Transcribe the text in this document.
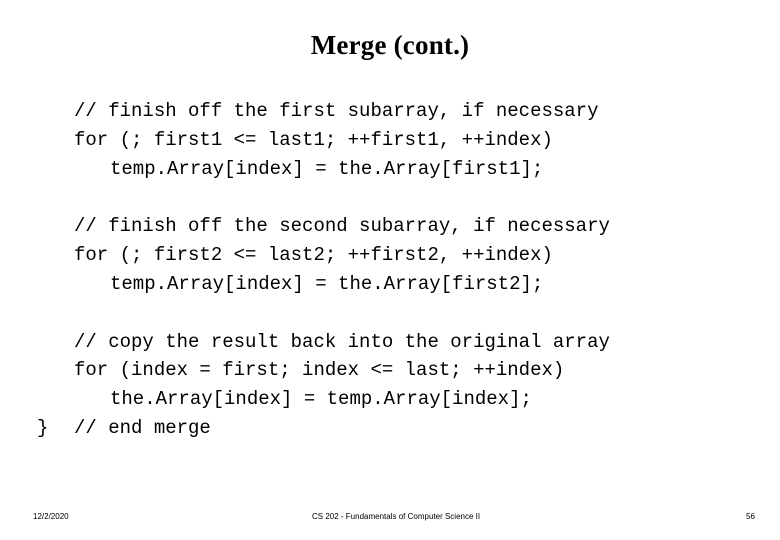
Merge (cont.)
// finish off the first subarray, if necessary
for (; first1 <= last1; ++first1, ++index)
temp.Array[index] = the.Array[first1];
// finish off the second subarray, if necessary
for (; first2 <= last2; ++first2, ++index)
temp.Array[index] = the.Array[first2];
// copy the result back into the original array
for (index = first; index <= last; ++index)
the.Array[index] = temp.Array[index];
} // end merge
12/2/2020	CS 202 - Fundamentals of Computer Science II	56
